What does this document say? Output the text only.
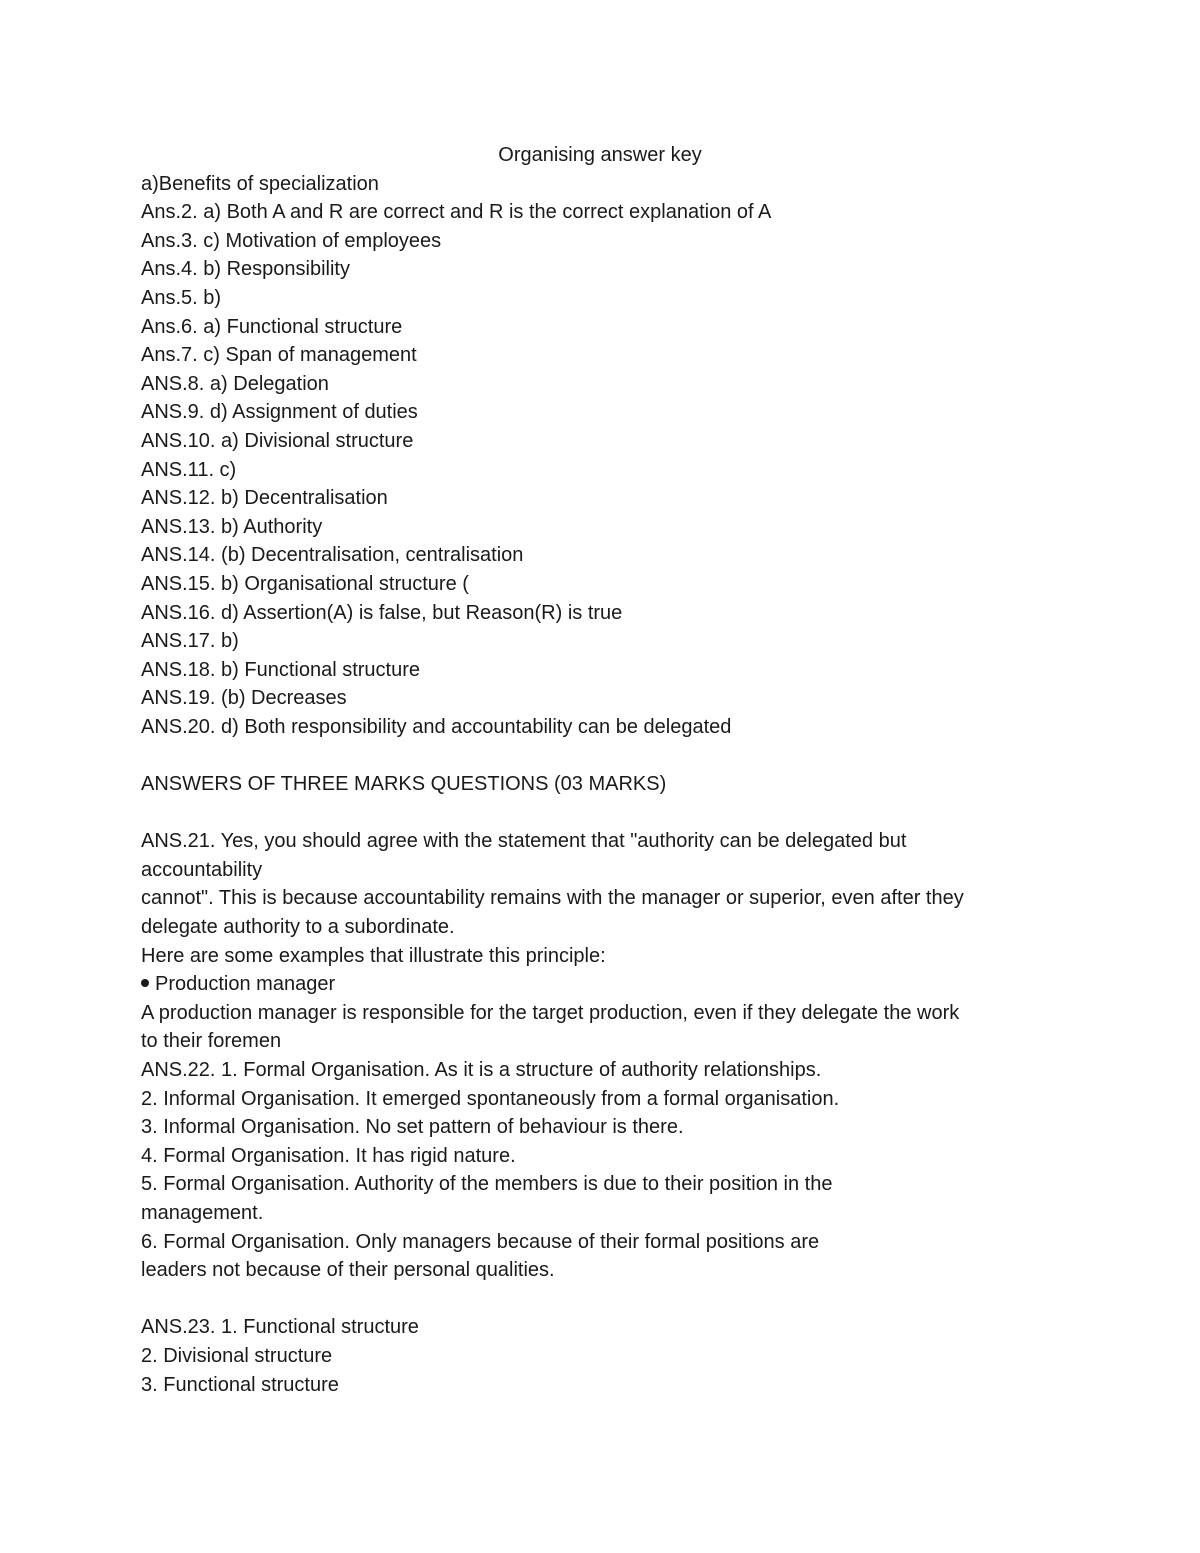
Organising answer key
a)Benefits of specialization
Ans.2. a) Both A and R are correct and R is the correct explanation of A
Ans.3. c) Motivation of employees
Ans.4. b) Responsibility
Ans.5. b)
Ans.6. a) Functional structure
Ans.7. c) Span of management
ANS.8. a) Delegation
ANS.9. d) Assignment of duties
ANS.10. a) Divisional structure
ANS.11. c)
ANS.12. b) Decentralisation
ANS.13. b) Authority
ANS.14. (b) Decentralisation, centralisation
ANS.15. b) Organisational structure (
ANS.16. d) Assertion(A) is false, but Reason(R) is true
ANS.17. b)
ANS.18. b) Functional structure
ANS.19. (b) Decreases
ANS.20. d) Both responsibility and accountability can be delegated
ANSWERS OF THREE MARKS QUESTIONS (03 MARKS)
ANS.21. Yes, you should agree with the statement that "authority can be delegated but
accountability
cannot". This is because accountability remains with the manager or superior, even after they
delegate authority to a subordinate.
Here are some examples that illustrate this principle:
Production manager
A production manager is responsible for the target production, even if they delegate the work
to their foremen
ANS.22. 1. Formal Organisation. As it is a structure of authority relationships.
2. Informal Organisation. It emerged spontaneously from a formal organisation.
3. Informal Organisation. No set pattern of behaviour is there.
4. Formal Organisation. It has rigid nature.
5. Formal Organisation. Authority of the members is due to their position in the
management.
6. Formal Organisation. Only managers because of their formal positions are
leaders not because of their personal qualities.
ANS.23. 1. Functional structure
2. Divisional structure
3. Functional structure
